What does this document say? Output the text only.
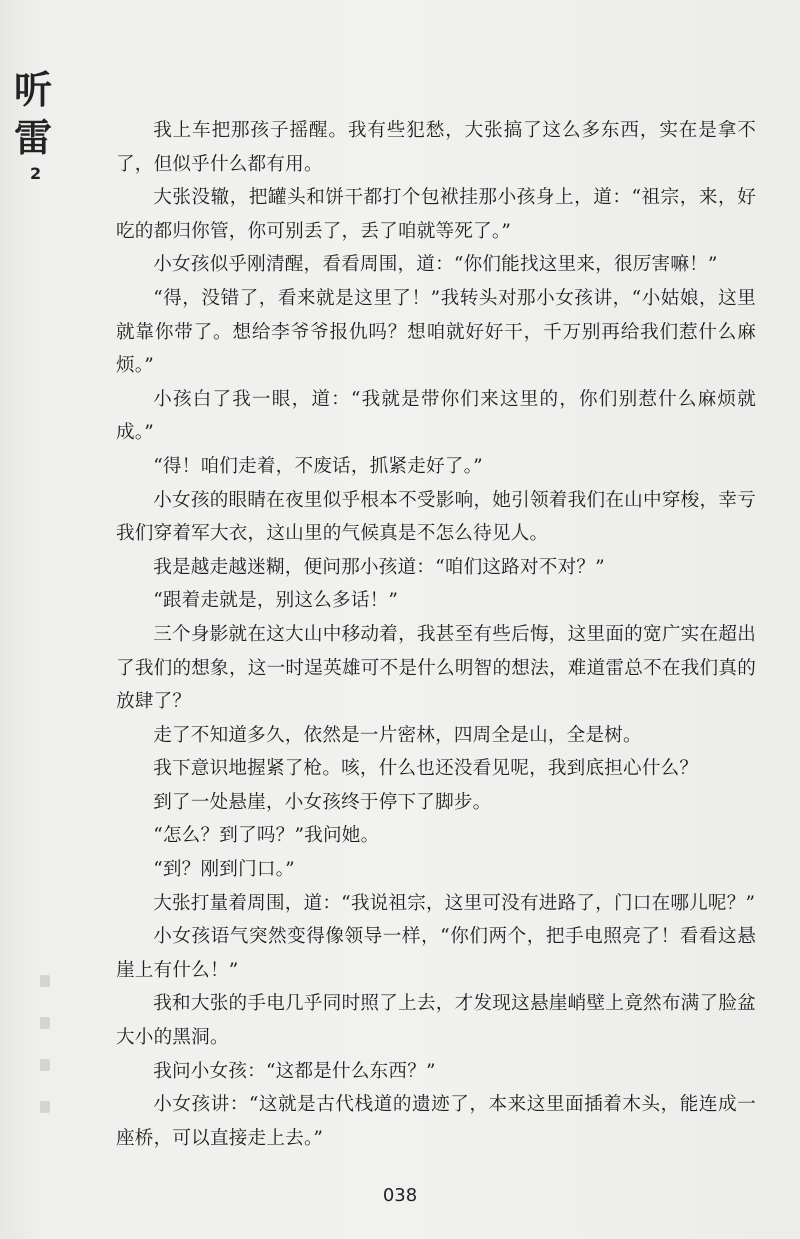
听
雷
2

我上车把那孩子摇醒。我有些犯愁，大张搞了这么多东西，实在是拿不了，但似乎什么都有用。

大张没辙，把罐头和饼干都打个包袱挂那小孩身上，道：“祖宗，来，好吃的都归你管，你可别丢了，丢了咱就等死了。”

小女孩似乎刚清醒，看看周围，道：“你们能找这里来，很厉害嘛！”

“得，没错了，看来就是这里了！”我转头对那小女孩讲，“小姑娘，这里就靠你带了。想给李爷爷报仇吗？想咱就好好干，千万别再给我们惹什么麻烦。”

小孩白了我一眼，道：“我就是带你们来这里的，你们别惹什么麻烦就成。”

“得！咱们走着，不废话，抓紧走好了。”

小女孩的眼睛在夜里似乎根本不受影响，她引领着我们在山中穿梭，幸亏我们穿着军大衣，这山里的气候真是不怎么待见人。

我是越走越迷糊，便问那小孩道：“咱们这路对不对？”

“跟着走就是，别这么多话！”

三个身影就在这大山中移动着，我甚至有些后悔，这里面的宽广实在超出了我们的想象，这一时逞英雄可不是什么明智的想法，难道雷总不在我们真的放肆了？

走了不知道多久，依然是一片密林，四周全是山，全是树。

我下意识地握紧了枪。咳，什么也还没看见呢，我到底担心什么？

到了一处悬崖，小女孩终于停下了脚步。

“怎么？到了吗？”我问她。

“到？刚到门口。”

大张打量着周围，道：“我说祖宗，这里可没有进路了，门口在哪儿呢？”

小女孩语气突然变得像领导一样，“你们两个，把手电照亮了！看看这悬崖上有什么！”

我和大张的手电几乎同时照了上去，才发现这悬崖峭壁上竟然布满了脸盆大小的黑洞。

我问小女孩：“这都是什么东西？”

小女孩讲：“这就是古代栈道的遗迹了，本来这里面插着木头，能连成一座桥，可以直接走上去。”

038
